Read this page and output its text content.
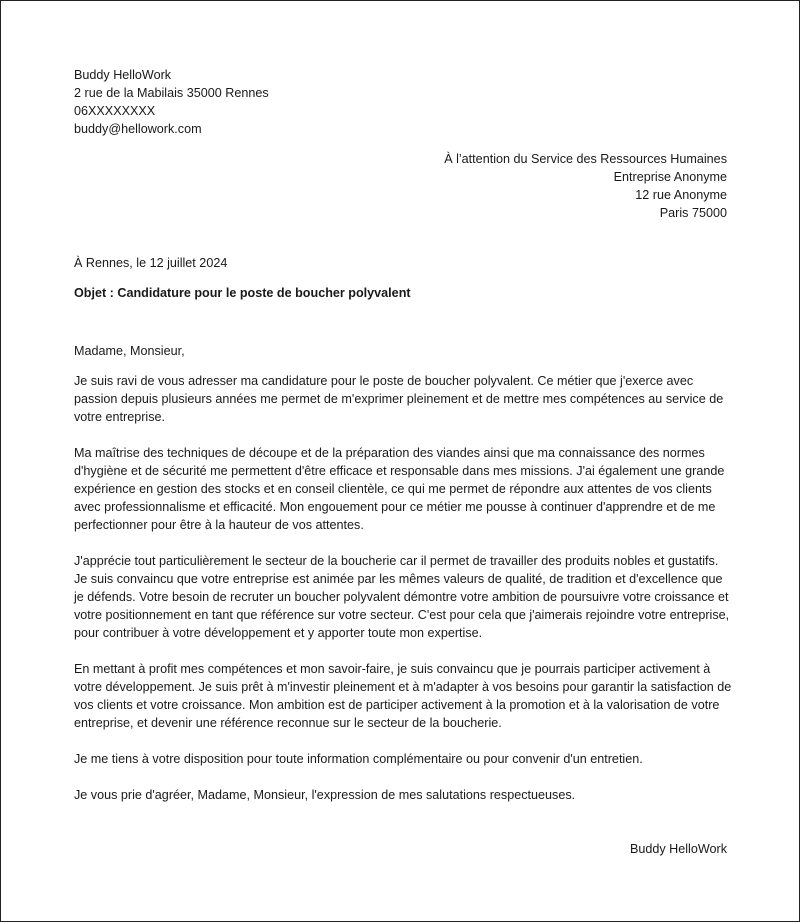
Buddy HelloWork
2 rue de la Mabilais 35000 Rennes
06XXXXXXXX
buddy@hellowork.com
À l’attention du Service des Ressources Humaines
Entreprise Anonyme
12 rue Anonyme
Paris 75000
À Rennes, le 12 juillet 2024
Objet : Candidature pour le poste de boucher polyvalent

Madame, Monsieur,

Je suis ravi de vous adresser ma candidature pour le poste de boucher polyvalent. Ce métier que j'exerce avec passion depuis plusieurs années me permet de m'exprimer pleinement et de mettre mes compétences au service de votre entreprise.

Ma maîtrise des techniques de découpe et de la préparation des viandes ainsi que ma connaissance des normes d'hygiène et de sécurité me permettent d'être efficace et responsable dans mes missions. J'ai également une grande expérience en gestion des stocks et en conseil clientèle, ce qui me permet de répondre aux attentes de vos clients avec professionnalisme et efficacité. Mon engouement pour ce métier me pousse à continuer d'apprendre et de me perfectionner pour être à la hauteur de vos attentes.

J'apprécie tout particulièrement le secteur de la boucherie car il permet de travailler des produits nobles et gustatifs. Je suis convaincu que votre entreprise est animée par les mêmes valeurs de qualité, de tradition et d'excellence que je défends. Votre besoin de recruter un boucher polyvalent démontre votre ambition de poursuivre votre croissance et votre positionnement en tant que référence sur votre secteur. C'est pour cela que j'aimerais rejoindre votre entreprise, pour contribuer à votre développement et y apporter toute mon expertise.

En mettant à profit mes compétences et mon savoir-faire, je suis convaincu que je pourrais participer activement à votre développement. Je suis prêt à m'investir pleinement et à m'adapter à vos besoins pour garantir la satisfaction de vos clients et votre croissance. Mon ambition est de participer activement à la promotion et à la valorisation de votre entreprise, et devenir une référence reconnue sur le secteur de la boucherie.

Je me tiens à votre disposition pour toute information complémentaire ou pour convenir d'un entretien.

Je vous prie d'agréer, Madame, Monsieur, l'expression de mes salutations respectueuses.

Buddy HelloWork
